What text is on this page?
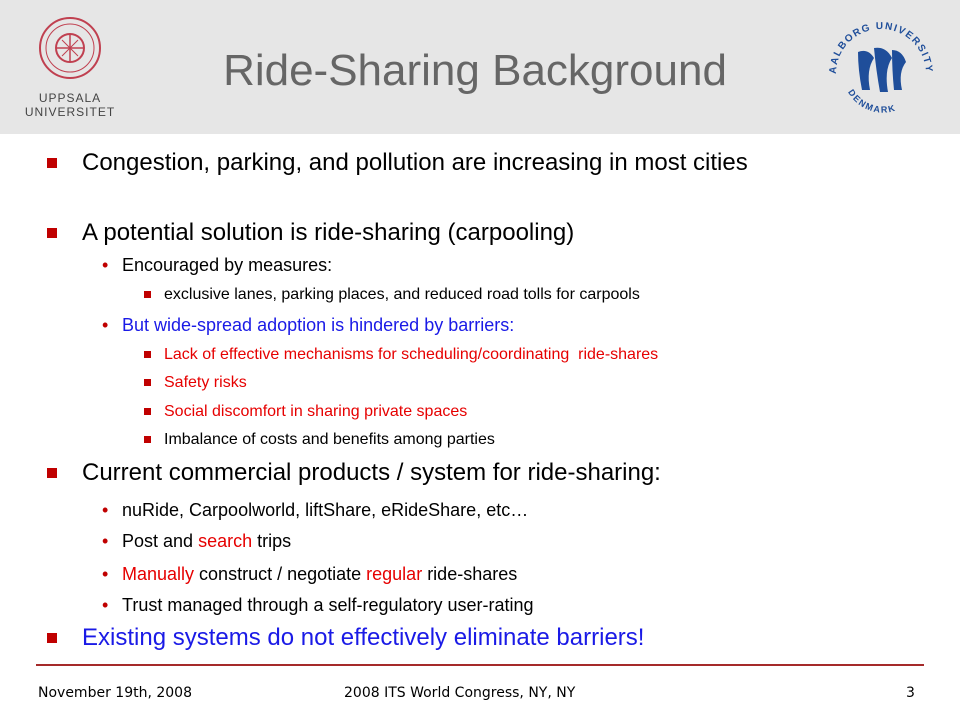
UPPSALA
UNIVERSITET
Ride-Sharing Background	AALBORG UNIVERSITY
DENMARK
Congestion, parking, and pollution are increasing in most cities
A potential solution is ride-sharing (carpooling)
• Encouraged by measures:
exclusive lanes, parking places, and reduced road tolls for carpools
• But wide-spread adoption is hindered by barriers:
Lack of effective mechanisms for scheduling/coordinating  ride-shares
Safety risks
Social discomfort in sharing private spaces
Imbalance of costs and benefits among parties
Current commercial products / system for ride-sharing:
• nuRide, Carpoolworld, liftShare, eRideShare, etc…
• Post and search trips
• Manually construct / negotiate regular ride-shares
• Trust managed through a self-regulatory user-rating
Existing systems do not effectively eliminate barriers!
November 19th, 2008	2008 ITS World Congress, NY, NY	3
